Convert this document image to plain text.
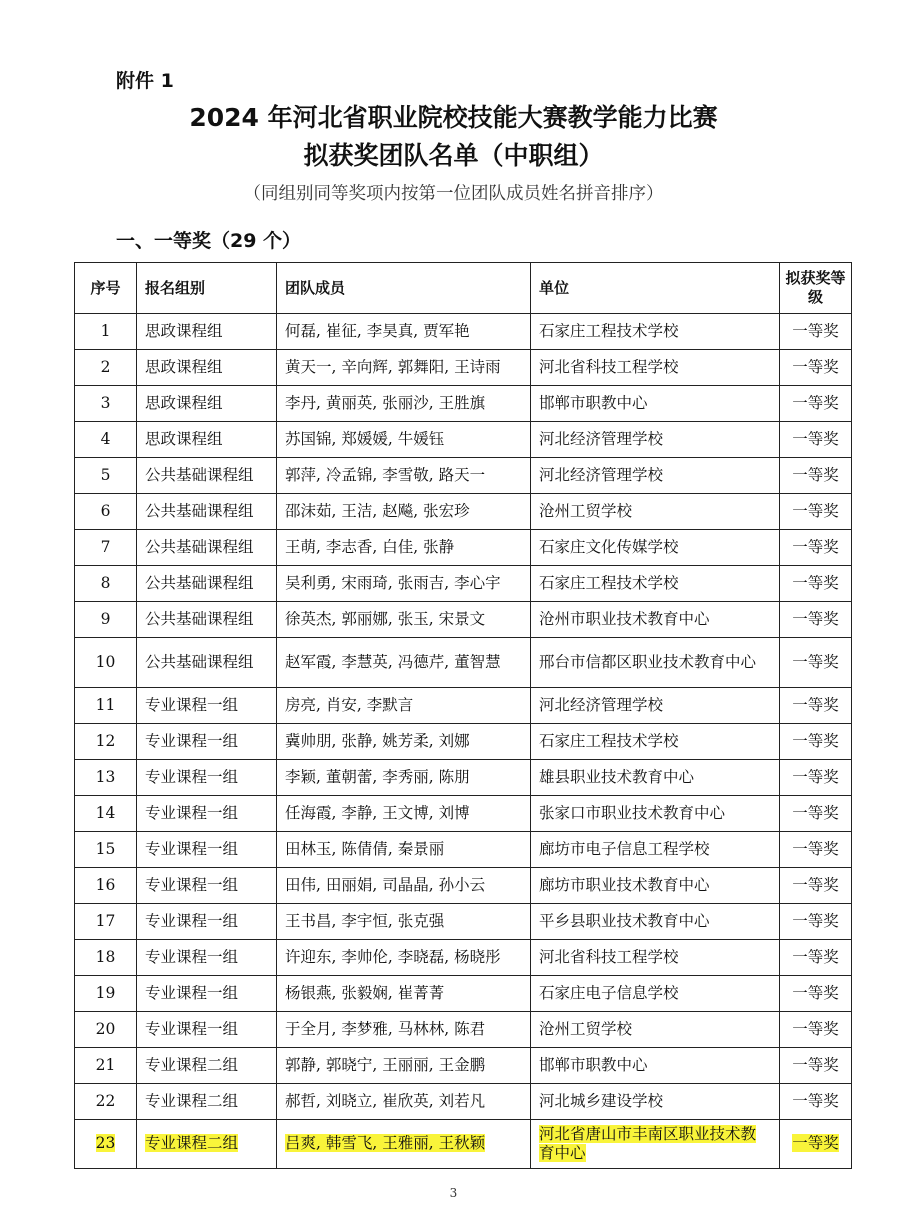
附件 1
2024 年河北省职业院校技能大赛教学能力比赛
拟获奖团队名单（中职组）
（同组别同等奖项内按第一位团队成员姓名拼音排序）
一、一等奖（29 个）
序号	报名组别	团队成员	单位	拟获奖等级
1	思政课程组	何磊, 崔征, 李昊真, 贾军艳	石家庄工程技术学校	一等奖
2	思政课程组	黄天一, 辛向辉, 郭舞阳, 王诗雨	河北省科技工程学校	一等奖
3	思政课程组	李丹, 黄丽英, 张丽沙, 王胜旗	邯郸市职教中心	一等奖
4	思政课程组	苏国锦, 郑媛媛, 牛媛钰	河北经济管理学校	一等奖
5	公共基础课程组	郭萍, 冷孟锦, 李雪敬, 路天一	河北经济管理学校	一等奖
6	公共基础课程组	邵沫茹, 王洁, 赵飚, 张宏珍	沧州工贸学校	一等奖
7	公共基础课程组	王萌, 李志香, 白佳, 张静	石家庄文化传媒学校	一等奖
8	公共基础课程组	吴利勇, 宋雨琦, 张雨吉, 李心宇	石家庄工程技术学校	一等奖
9	公共基础课程组	徐英杰, 郭丽娜, 张玉, 宋景文	沧州市职业技术教育中心	一等奖
10	公共基础课程组	赵军霞, 李慧英, 冯德芹, 董智慧	邢台市信都区职业技术教育中心	一等奖
11	专业课程一组	房亮, 肖安, 李默言	河北经济管理学校	一等奖
12	专业课程一组	冀帅朋, 张静, 姚芳柔, 刘娜	石家庄工程技术学校	一等奖
13	专业课程一组	李颖, 董朝蕾, 李秀丽, 陈朋	雄县职业技术教育中心	一等奖
14	专业课程一组	任海霞, 李静, 王文博, 刘博	张家口市职业技术教育中心	一等奖
15	专业课程一组	田林玉, 陈倩倩, 秦景丽	廊坊市电子信息工程学校	一等奖
16	专业课程一组	田伟, 田丽娟, 司晶晶, 孙小云	廊坊市职业技术教育中心	一等奖
17	专业课程一组	王书昌, 李宇恒, 张克强	平乡县职业技术教育中心	一等奖
18	专业课程一组	许迎东, 李帅伦, 李晓磊, 杨晓彤	河北省科技工程学校	一等奖
19	专业课程一组	杨银燕, 张毅娴, 崔菁菁	石家庄电子信息学校	一等奖
20	专业课程一组	于全月, 李梦雅, 马林林, 陈君	沧州工贸学校	一等奖
21	专业课程二组	郭静, 郭晓宁, 王丽丽, 王金鹏	邯郸市职教中心	一等奖
22	专业课程二组	郝哲, 刘晓立, 崔欣英, 刘若凡	河北城乡建设学校	一等奖
23	专业课程二组	吕爽, 韩雪飞, 王雅丽, 王秋颖	河北省唐山市丰南区职业技术教育中心	一等奖
3
